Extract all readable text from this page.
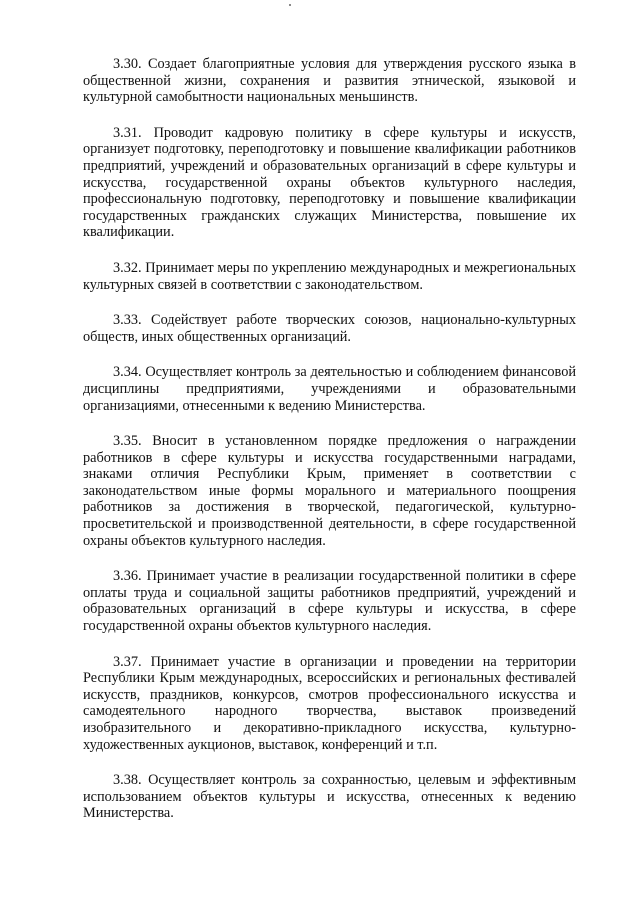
3.30. Создает благоприятные условия для утверждения русского языка в общественной жизни, сохранения и развития этнической, языковой и культурной самобытности национальных меньшинств.

3.31. Проводит кадровую политику в сфере культуры и искусств, организует подготовку, переподготовку и повышение квалификации работников предприятий, учреждений и образовательных организаций в сфере культуры и искусства, государственной охраны объектов культурного наследия, профессиональную подготовку, переподготовку и повышение квалификации государственных гражданских служащих Министерства, повышение их квалификации.

3.32. Принимает меры по укреплению международных и межрегиональных культурных связей в соответствии с законодательством.

3.33. Содействует работе творческих союзов, национально-культурных обществ, иных общественных организаций.

3.34. Осуществляет контроль за деятельностью и соблюдением финансовой дисциплины предприятиями, учреждениями и образовательными организациями, отнесенными к ведению Министерства.

3.35. Вносит в установленном порядке предложения о награждении работников в сфере культуры и искусства государственными наградами, знаками отличия Республики Крым, применяет в соответствии с законодательством иные формы морального и материального поощрения работников за достижения в творческой, педагогической, культурно-просветительской и производственной деятельности, в сфере государственной охраны объектов культурного наследия.

3.36. Принимает участие в реализации государственной политики в сфере оплаты труда и социальной защиты работников предприятий, учреждений и образовательных организаций в сфере культуры и искусства, в сфере государственной охраны объектов культурного наследия.

3.37. Принимает участие в организации и проведении на территории Республики Крым международных, всероссийских и региональных фестивалей искусств, праздников, конкурсов, смотров профессионального искусства и самодеятельного народного творчества, выставок произведений изобразительного и декоративно-прикладного искусства, культурно-художественных аукционов, выставок, конференций и т.п.

3.38. Осуществляет контроль за сохранностью, целевым и эффективным использованием объектов культуры и искусства, отнесенных к ведению Министерства.
